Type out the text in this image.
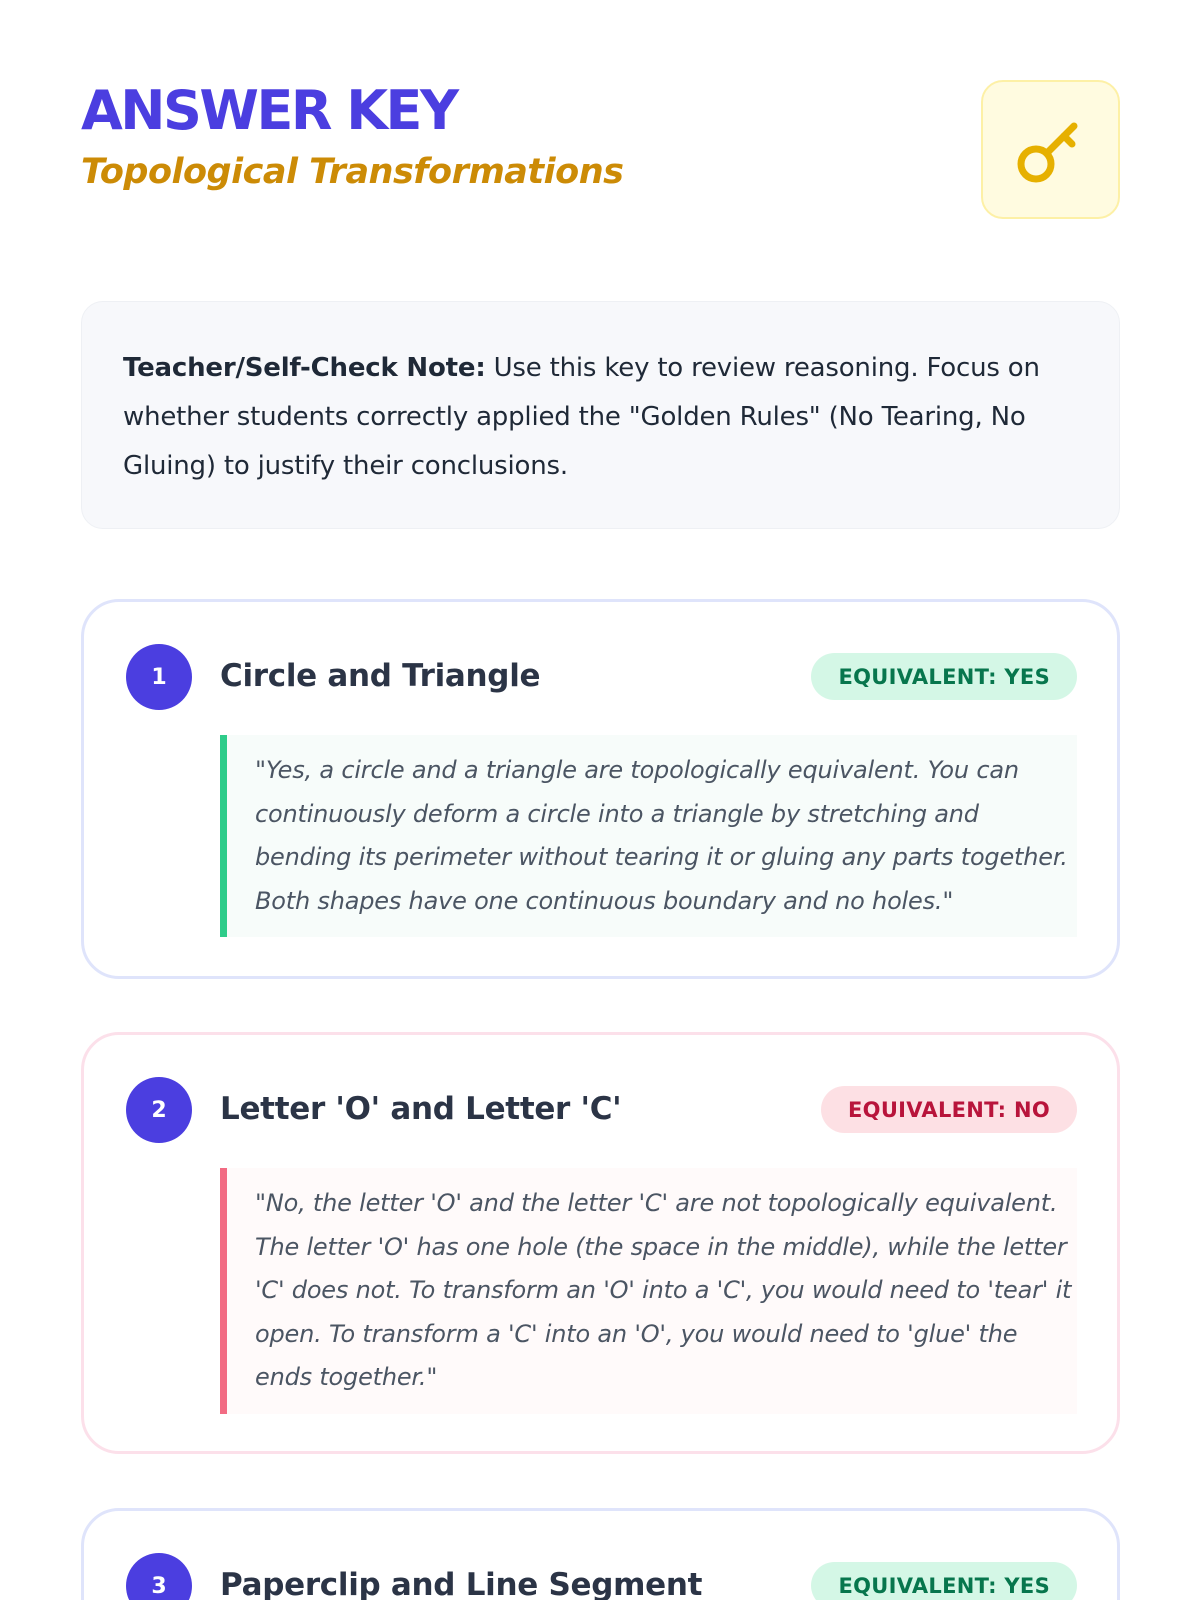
ANSWER KEY
Topological Transformations
Teacher/Self-Check Note: Use this key to review reasoning. Focus on whether students correctly applied the "Golden Rules" (No Tearing, No Gluing) to justify their conclusions.
1	Circle and Triangle	EQUIVALENT: YES
"Yes, a circle and a triangle are topologically equivalent. You can continuously deform a circle into a triangle by stretching and bending its perimeter without tearing it or gluing any parts together. Both shapes have one continuous boundary and no holes."
2	Letter 'O' and Letter 'C'	EQUIVALENT: NO
"No, the letter 'O' and the letter 'C' are not topologically equivalent. The letter 'O' has one hole (the space in the middle), while the letter 'C' does not. To transform an 'O' into a 'C', you would need to 'tear' it open. To transform a 'C' into an 'O', you would need to 'glue' the ends together."
3	Paperclip and Line Segment	EQUIVALENT: YES
